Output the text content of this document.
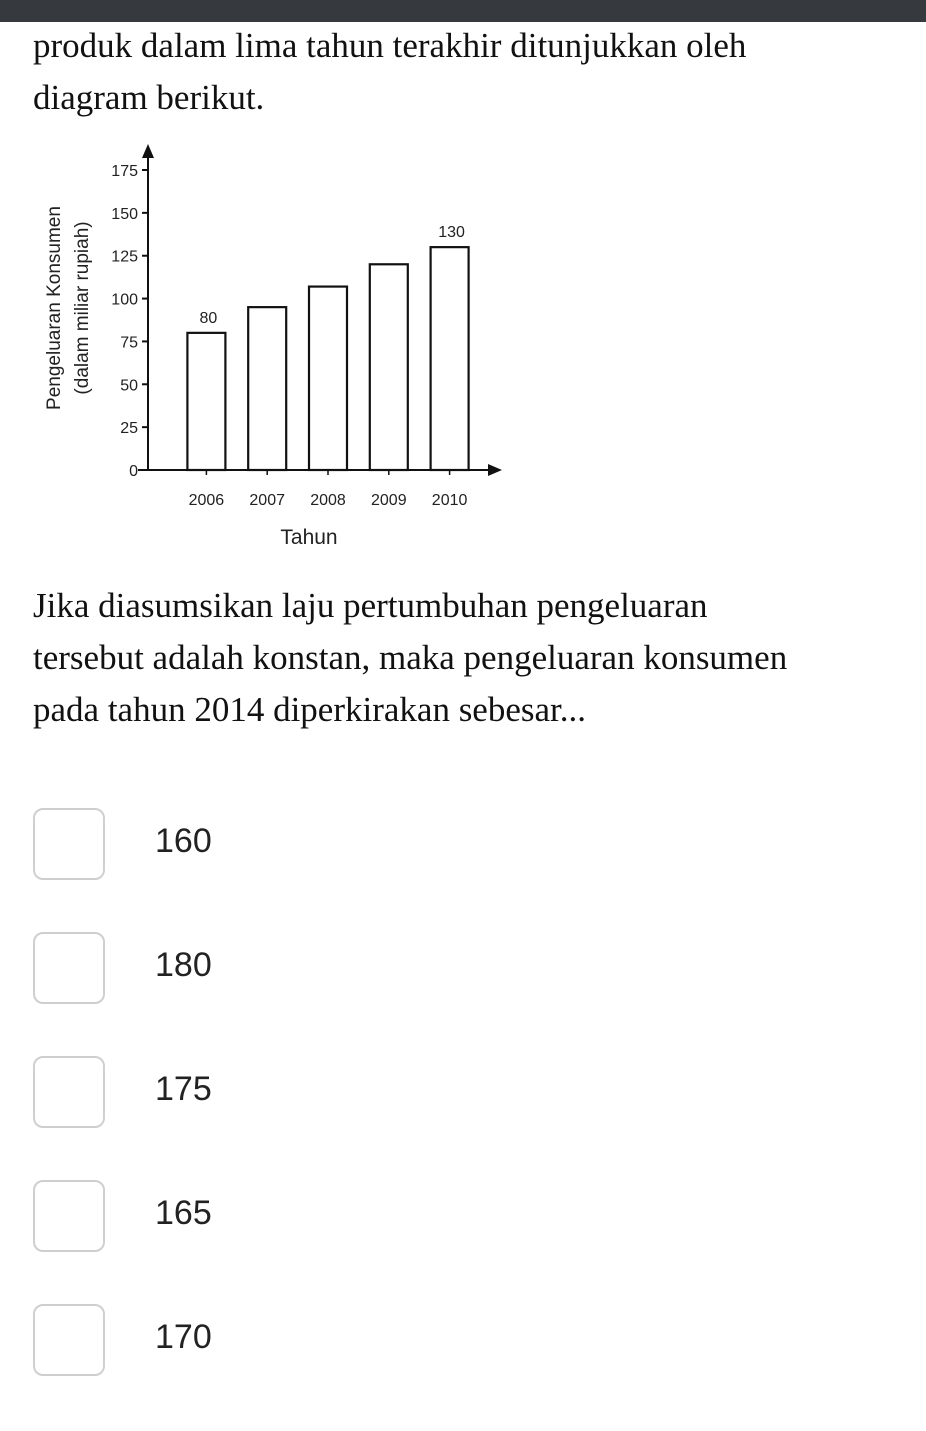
produk dalam lima tahun terakhir ditunjukkan oleh
diagram berikut.
Pengeluaran Konsumen (dalam miliar rupiah)
0
25
50
75
100
125
150
175
80
130
2006 2007 2008 2009 2010
Tahun
Jika diasumsikan laju pertumbuhan pengeluaran
tersebut adalah konstan, maka pengeluaran konsumen
pada tahun 2014 diperkirakan sebesar...
160
180
175
165
170
